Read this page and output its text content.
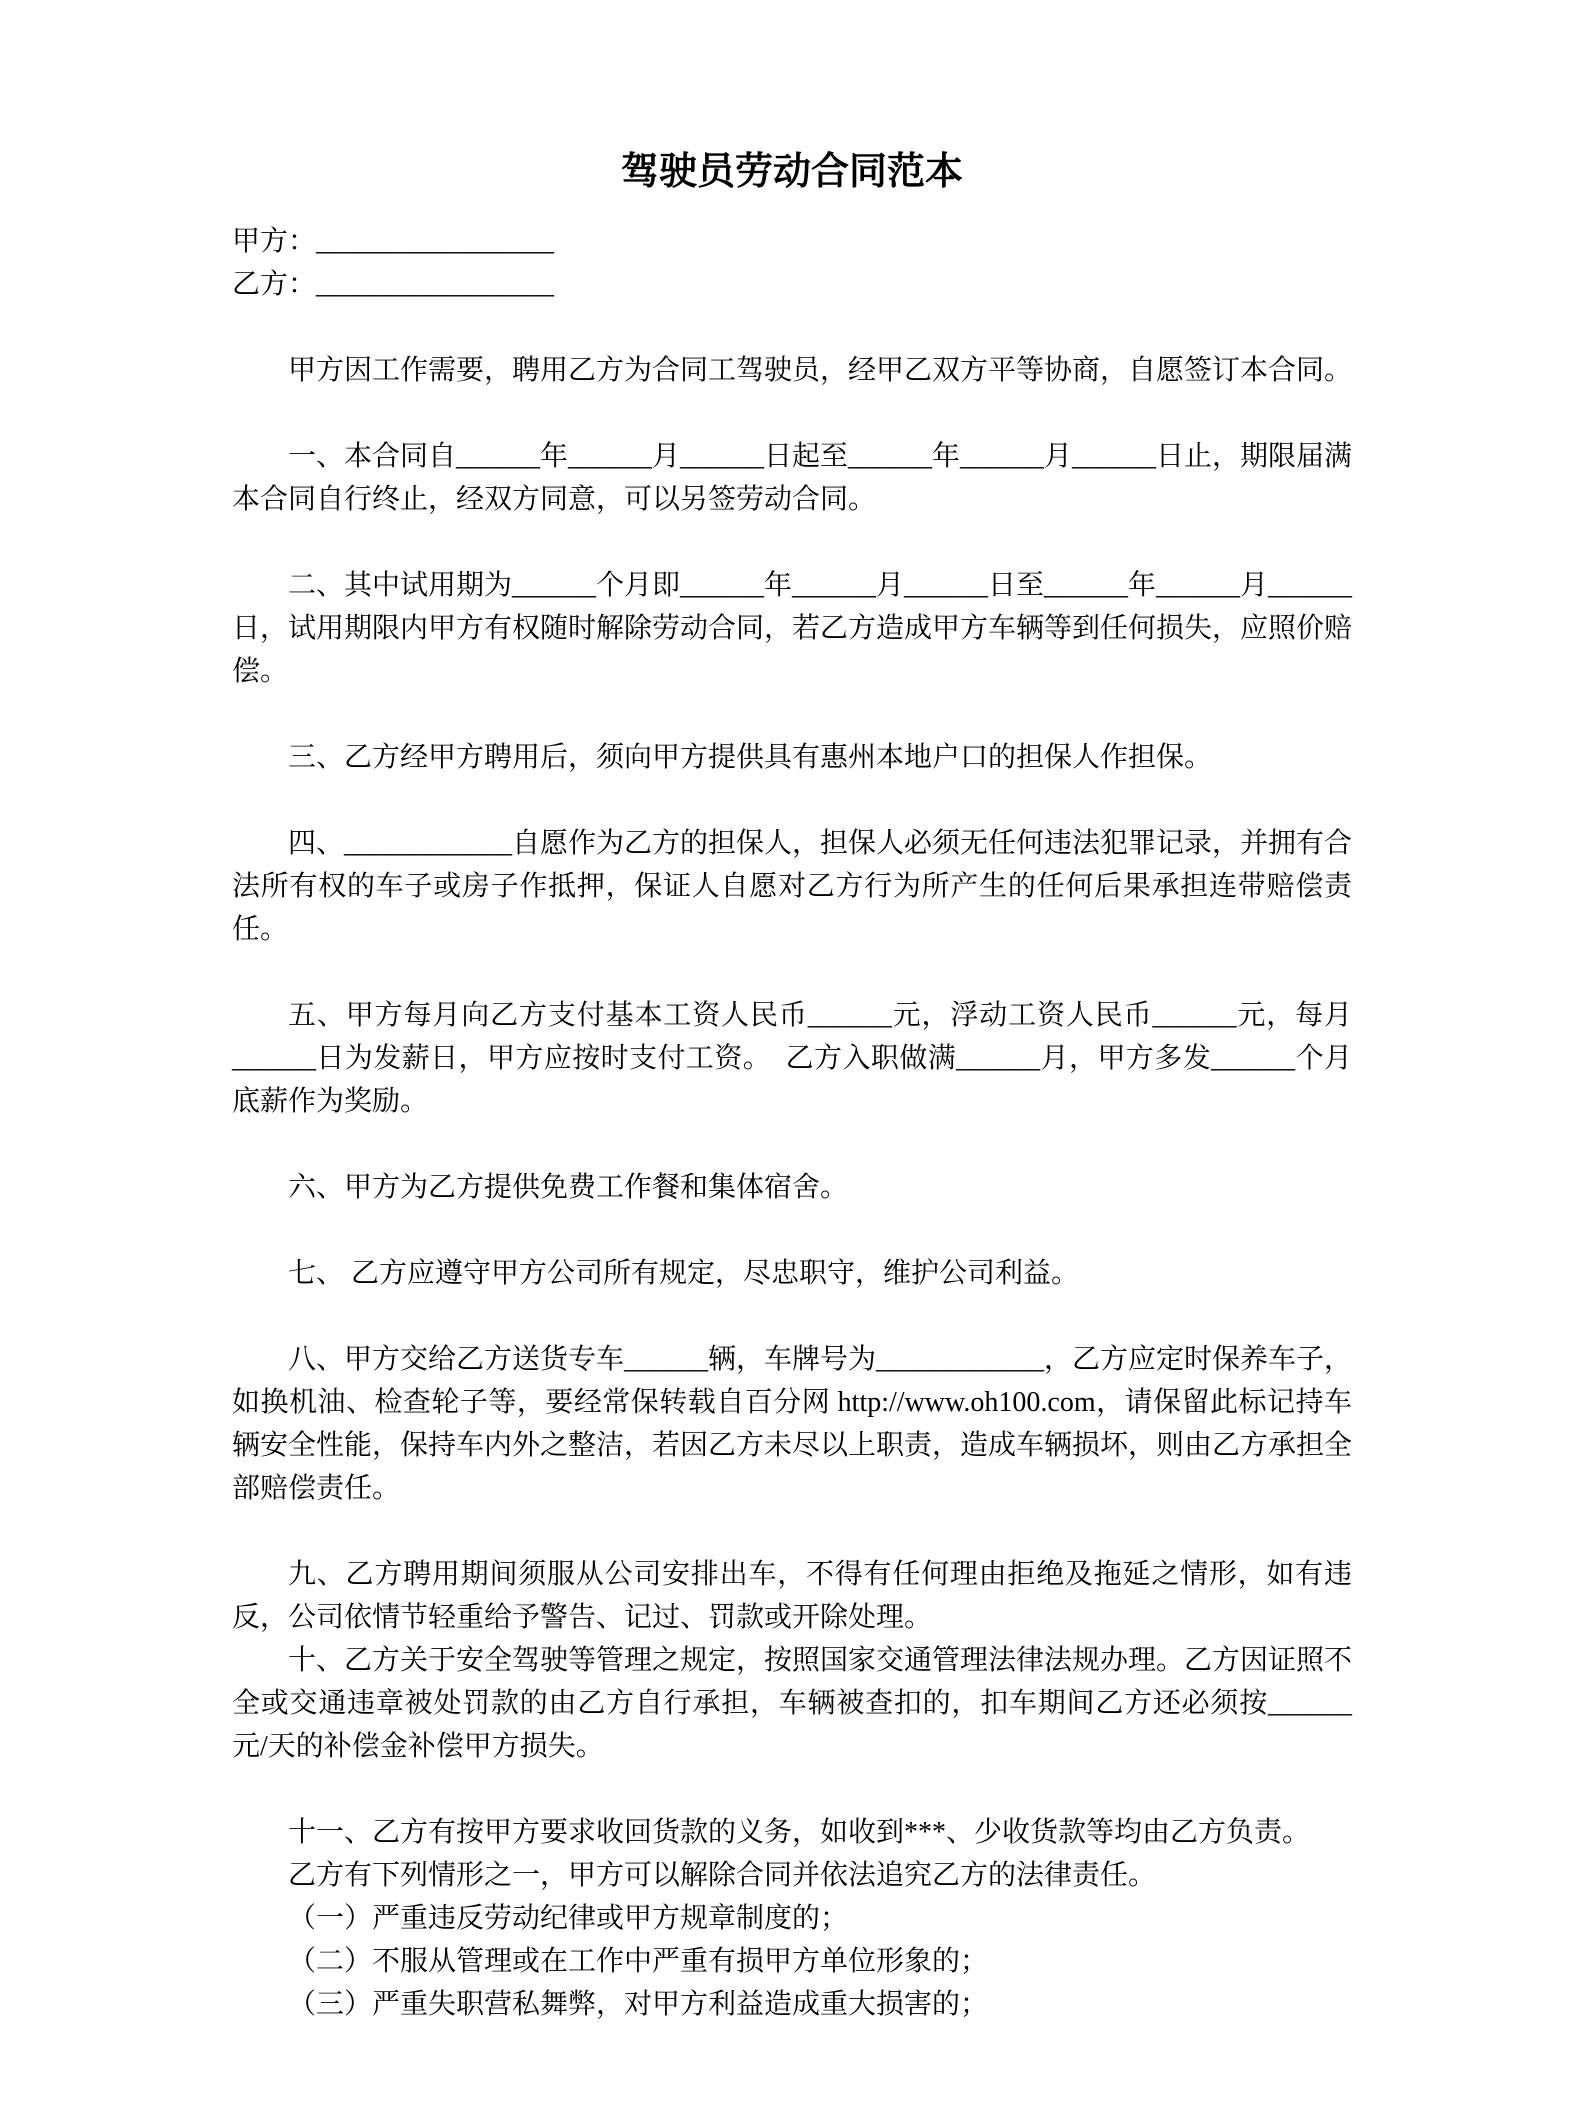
驾驶员劳动合同范本

甲方：_________________

乙方：_________________

甲方因工作需要，聘用乙方为合同工驾驶员，经甲乙双方平等协商，自愿签订本合同。

一、本合同自______年______月______日起至______年______月______日止，期限届满本合同自行终止，经双方同意，可以另签劳动合同。

二、其中试用期为______个月即______年______月______日至______年______月______日，试用期限内甲方有权随时解除劳动合同，若乙方造成甲方车辆等到任何损失，应照价赔偿。

三、乙方经甲方聘用后，须向甲方提供具有惠州本地户口的担保人作担保。

四、____________自愿作为乙方的担保人，担保人必须无任何违法犯罪记录，并拥有合法所有权的车子或房子作抵押，保证人自愿对乙方行为所产生的任何后果承担连带赔偿责任。

五、甲方每月向乙方支付基本工资人民币______元，浮动工资人民币______元，每月______日为发薪日，甲方应按时支付工资。　乙方入职做满______月，甲方多发______个月底薪作为奖励。

六、甲方为乙方提供免费工作餐和集体宿舍。

七、 乙方应遵守甲方公司所有规定，尽忠职守，维护公司利益。

八、甲方交给乙方送货专车______辆，车牌号为____________，乙方应定时保养车子，如换机油、检查轮子等，要经常保转载自百分网 http://www.oh100.com，请保留此标记持车辆安全性能，保持车内外之整洁，若因乙方未尽以上职责，造成车辆损坏，则由乙方承担全部赔偿责任。

九、乙方聘用期间须服从公司安排出车，不得有任何理由拒绝及拖延之情形，如有违反，公司依情节轻重给予警告、记过、罚款或开除处理。

十、乙方关于安全驾驶等管理之规定，按照国家交通管理法律法规办理。乙方因证照不全或交通违章被处罚款的由乙方自行承担，车辆被查扣的，扣车期间乙方还必须按______元/天的补偿金补偿甲方损失。

十一、乙方有按甲方要求收回货款的义务，如收到***、少收货款等均由乙方负责。

乙方有下列情形之一，甲方可以解除合同并依法追究乙方的法律责任。

（一）严重违反劳动纪律或甲方规章制度的；

（二）不服从管理或在工作中严重有损甲方单位形象的；

（三）严重失职营私舞弊，对甲方利益造成重大损害的；
